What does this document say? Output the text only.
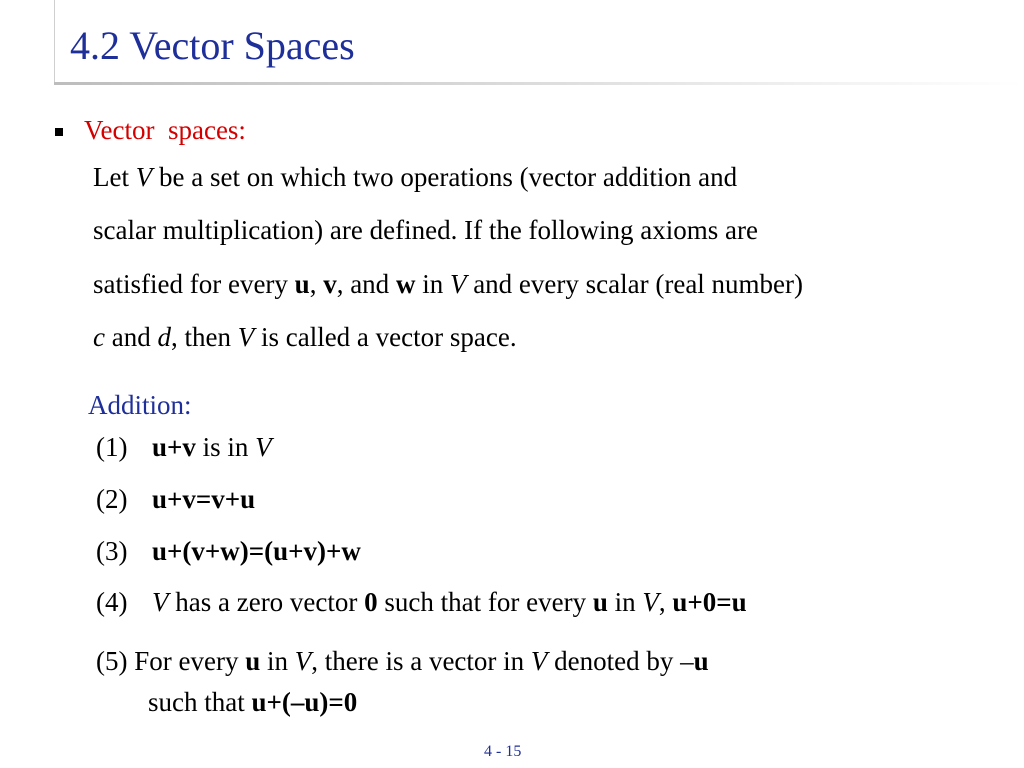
4.2 Vector Spaces
Vector  spaces:
Let V be a set on which two operations (vector addition and
scalar multiplication) are defined. If the following axioms are
satisfied for every u, v, and w in V and every scalar (real number)
c and d, then V is called a vector space.
Addition:
(1) u+v is in V
(2) u+v=v+u
(3) u+(v+w)=(u+v)+w
(4) V has a zero vector 0 such that for every u in V, u+0=u
(5) For every u in V, there is a vector in V denoted by –u
such that u+(–u)=0
4 - 15
